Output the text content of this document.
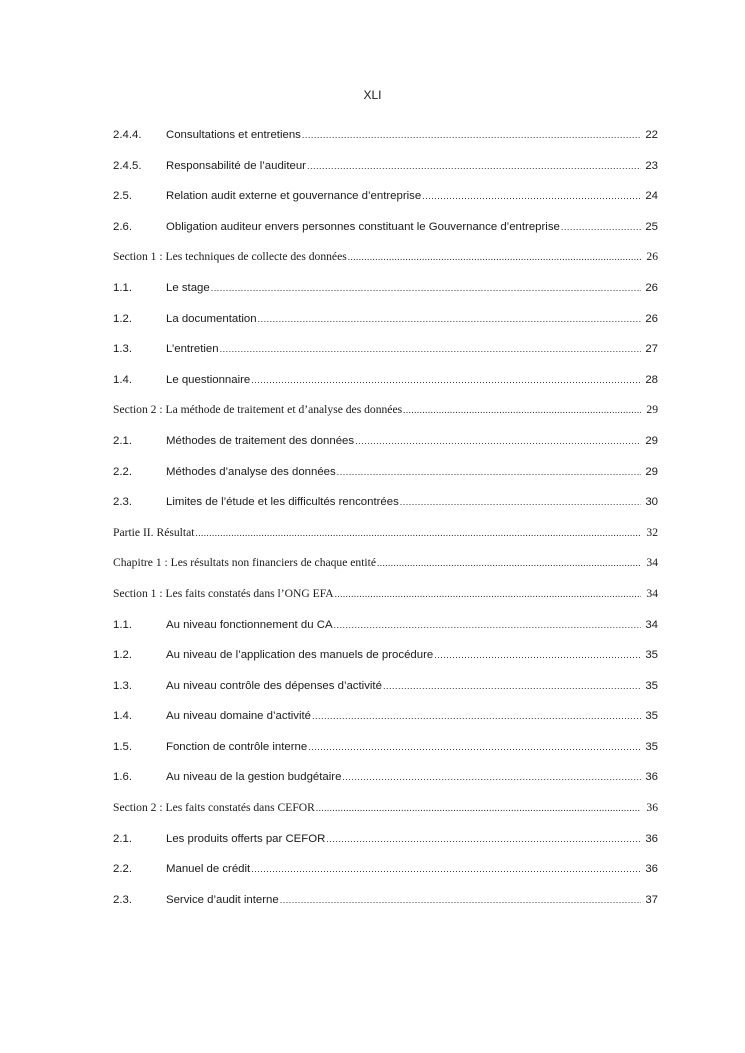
XLI
2.4.4.	Consultations et entretiens .....	22
2.4.5.	Responsabilité de l’auditeur .....	23
2.5.	Relation audit externe et gouvernance d’entreprise .....	24
2.6.	Obligation auditeur envers personnes constituant le Gouvernance d’entreprise .....	25
Section 1 : Les techniques de collecte des données .....	26
1.1.	Le stage .....	26
1.2.	La documentation .....	26
1.3.	L’entretien .....	27
1.4.	Le questionnaire .....	28
Section 2 : La méthode de traitement et d’analyse des données .....	29
2.1.	Méthodes de traitement des données .....	29
2.2.	Méthodes d’analyse des données .....	29
2.3.	Limites de l’étude et les difficultés rencontrées .....	30
Partie II. Résultat .....	32
Chapitre 1 : Les résultats non financiers de chaque entité .....	34
Section 1 : Les faits constatés dans l’ONG EFA .....	34
1.1.	Au niveau fonctionnement du CA .....	34
1.2.	Au niveau de l’application des manuels de procédure .....	35
1.3.	Au niveau contrôle des dépenses d’activité .....	35
1.4.	Au niveau domaine d’activité .....	35
1.5.	Fonction de contrôle interne .....	35
1.6.	Au niveau de la gestion budgétaire .....	36
Section 2 : Les faits constatés dans CEFOR .....	36
2.1.	Les produits offerts par CEFOR .....	36
2.2.	Manuel de crédit .....	36
2.3.	Service d’audit interne .....	37
